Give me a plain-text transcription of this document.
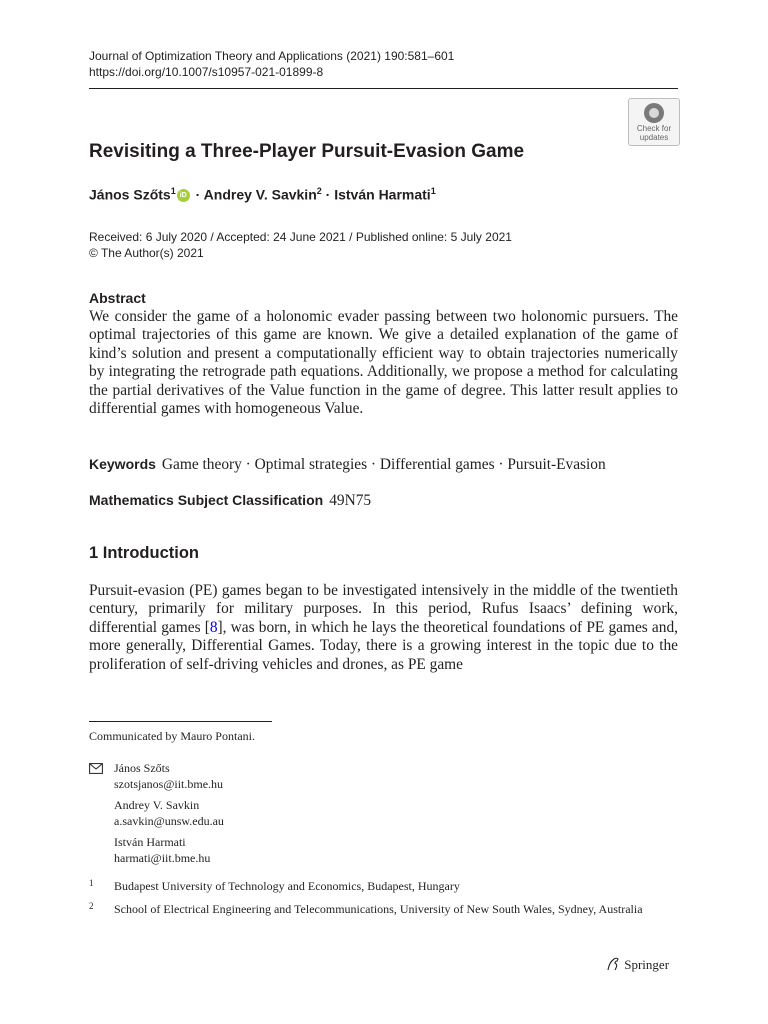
Journal of Optimization Theory and Applications (2021) 190:581–601
https://doi.org/10.1007/s10957-021-01899-8
Check for
updates
Revisiting a Three-Player Pursuit-Evasion Game
János Szőts$^1$ iD · Andrey V. Savkin$^2$ · István Harmati$^1$
Received: 6 July 2020 / Accepted: 24 June 2021 / Published online: 5 July 2021
© The Author(s) 2021
Abstract
We consider the game of a holonomic evader passing between two holonomic pursuers. The optimal trajectories of this game are known. We give a detailed explanation of the game of kind’s solution and present a computationally efficient way to obtain trajectories numerically by integrating the retrograde path equations. Additionally, we propose a method for calculating the partial derivatives of the Value function in the game of degree. This latter result applies to differential games with homogeneous Value.
Keywords Game theory · Optimal strategies · Differential games · Pursuit-Evasion
Mathematics Subject Classification 49N75
1 Introduction
Pursuit-evasion (PE) games began to be investigated intensively in the middle of the twentieth century, primarily for military purposes. In this period, Rufus Isaacs’ defining work, differential games [8], was born, in which he lays the theoretical foundations of PE games and, more generally, Differential Games. Today, there is a growing interest in the topic due to the proliferation of self-driving vehicles and drones, as PE game
Communicated by Mauro Pontani.
János Szőts
szotsjanos@iit.bme.hu
Andrey V. Savkin
a.savkin@unsw.edu.au
István Harmati
harmati@iit.bme.hu
1 Budapest University of Technology and Economics, Budapest, Hungary
2 School of Electrical Engineering and Telecommunications, University of New South Wales, Sydney, Australia
Springer
